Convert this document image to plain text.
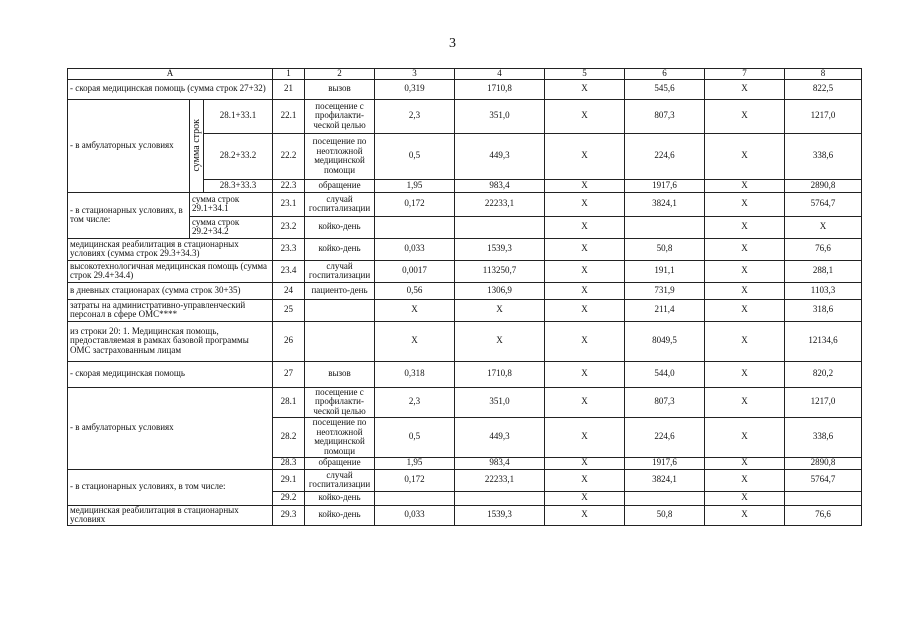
3
A			1	2	3	4	5	6	7	8	
- скорая медицинская помощь (сумма строк 27+32)			21	вызов	0,319	1710,8	X	545,6	X	822,5	
- в амбулаторных условиях	сумма строк	28.1+33.1	22.1	посещение с профилакти-ческой целью	2,3	351,0	X	807,3	X	1217,0	
		28.2+33.2	22.2	посещение по неотложной медицинской помощи	0,5	449,3	X	224,6	X	338,6	
		28.3+33.3	22.3	обращение	1,95	983,4	X	1917,6	X	2890,8	
- в стационарных условиях, в том числе:	сумма строк 29.1+34.1		23.1	случай госпитализации	0,172	22233,1	X	3824,1	X	5764,7	
	сумма строк 29.2+34.2		23.2	койко-день			X		X	X	
медицинская реабилитация в стационарных условиях (сумма строк 29.3+34.3)			23.3	койко-день	0,033	1539,3	X	50,8	X	76,6	
высокотехнологичная медицинская помощь (сумма строк 29.4+34.4)			23.4	случай госпитализации	0,0017	113250,7	X	191,1	X	288,1	
в дневных стационарах (сумма строк 30+35)			24	пациенто-день	0,56	1306,9	X	731,9	X	1103,3	
затраты на административно-управленческий персонал в сфере ОМС****			25		X	X	X	211,4	X	318,6	
из строки 20: 1. Медицинская помощь, предоставляемая в рамках базовой программы ОМС застрахованным лицам			26		X	X	X	8049,5	X	12134,6	
- скорая медицинская помощь			27	вызов	0,318	1710,8	X	544,0	X	820,2	
- в амбулаторных условиях			28.1	посещение с профилакти-ческой целью	2,3	351,0	X	807,3	X	1217,0	
			28.2	посещение по неотложной медицинской помощи	0,5	449,3	X	224,6	X	338,6	
			28.3	обращение	1,95	983,4	X	1917,6	X	2890,8	
- в стационарных условиях, в том числе:			29.1	случай госпитализации	0,172	22233,1	X	3824,1	X	5764,7	
			29.2	койко-день			X		X		
медицинская реабилитация в стационарных условиях			29.3	койко-день	0,033	1539,3	X	50,8	X	76,6	
